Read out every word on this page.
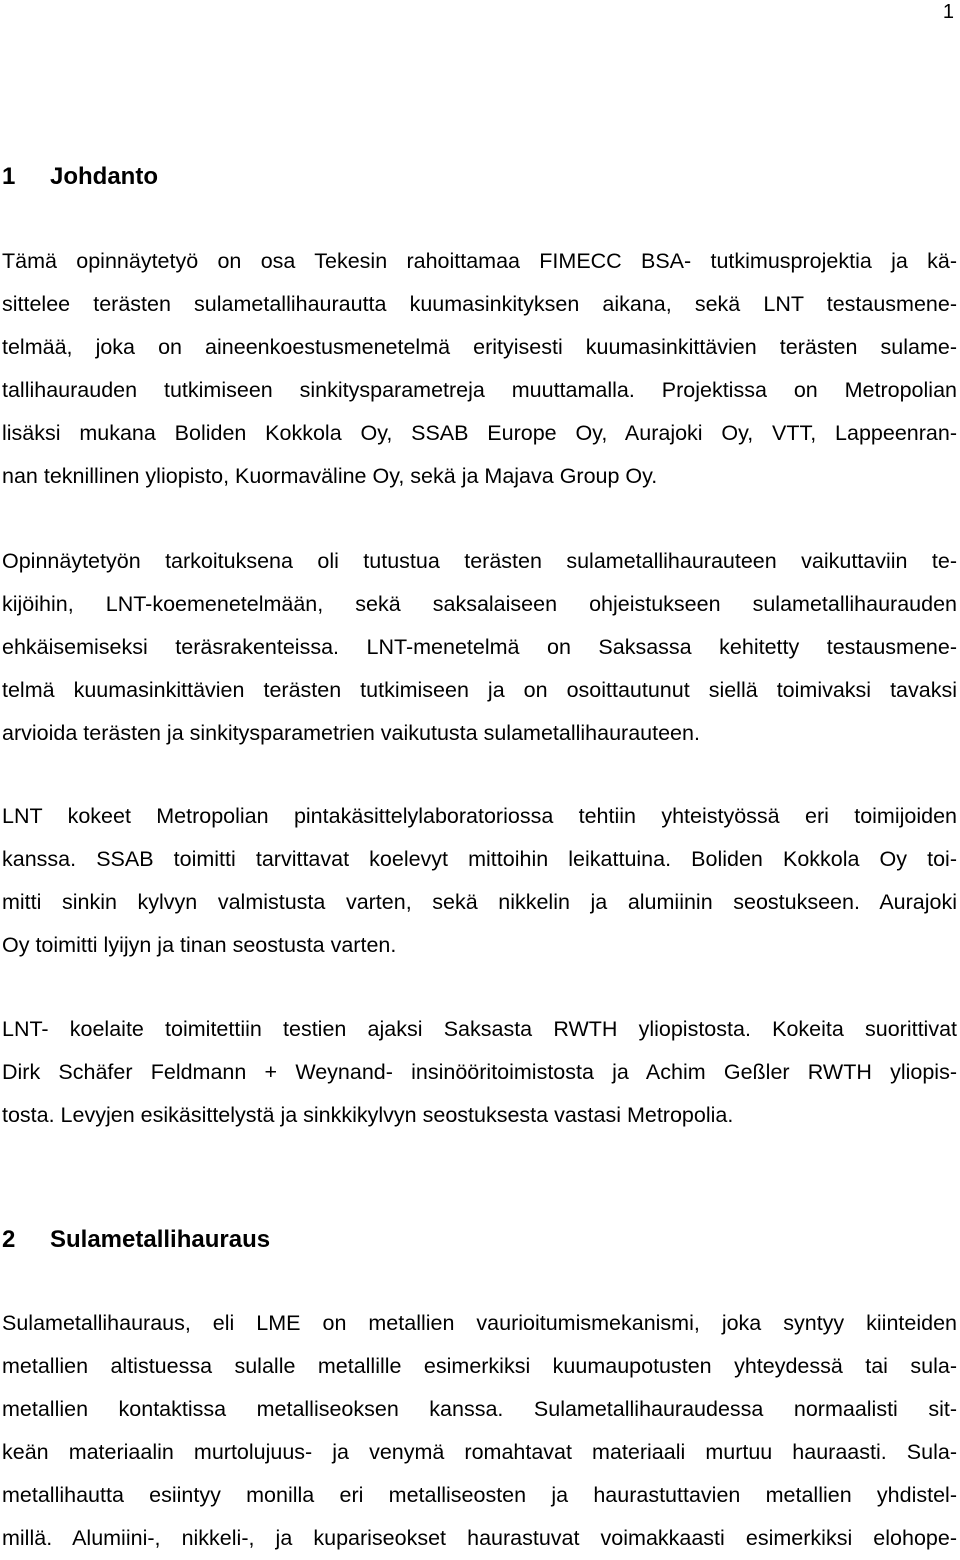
1
1 Johdanto

Tämä opinnäytetyö on osa Tekesin rahoittamaa FIMECC BSA- tutkimusprojektia ja kä-
sittelee terästen sulametallihaurautta kuumasinkityksen aikana, sekä LNT testausmene-
telmää, joka on aineenkoestusmenetelmä erityisesti kuumasinkittävien terästen sulame-
tallihaurauden tutkimiseen sinkitysparametreja muuttamalla. Projektissa on Metropolian
lisäksi mukana Boliden Kokkola Oy, SSAB Europe Oy, Aurajoki Oy, VTT, Lappeenran-
nan teknillinen yliopisto, Kuormaväline Oy, sekä ja Majava Group Oy.

Opinnäytetyön tarkoituksena oli tutustua terästen sulametallihaurauteen vaikuttaviin te-
kijöihin, LNT-koemenetelmään, sekä saksalaiseen ohjeistukseen sulametallihaurauden
ehkäisemiseksi teräsrakenteissa. LNT-menetelmä on Saksassa kehitetty testausmene-
telmä kuumasinkittävien terästen tutkimiseen ja on osoittautunut siellä toimivaksi tavaksi
arvioida terästen ja sinkitysparametrien vaikutusta sulametallihaurauteen.

LNT kokeet Metropolian pintakäsittelylaboratoriossa tehtiin yhteistyössä eri toimijoiden
kanssa. SSAB toimitti tarvittavat koelevyt mittoihin leikattuina. Boliden Kokkola Oy toi-
mitti sinkin kylvyn valmistusta varten, sekä nikkelin ja alumiinin seostukseen. Aurajoki
Oy toimitti lyijyn ja tinan seostusta varten.

LNT- koelaite toimitettiin testien ajaksi Saksasta RWTH yliopistosta. Kokeita suorittivat
Dirk Schäfer Feldmann + Weynand- insinööritoimistosta ja Achim Geßler RWTH yliopis-
tosta. Levyjen esikäsittelystä ja sinkkikylvyn seostuksesta vastasi Metropolia.

2 Sulametallihauraus

Sulametallihauraus, eli LME on metallien vaurioitumismekanismi, joka syntyy kiinteiden
metallien altistuessa sulalle metallille esimerkiksi kuumaupotusten yhteydessä tai sula-
metallien kontaktissa metalliseoksen kanssa. Sulametallihauraudessa normaalisti sit-
keän materiaalin murtolujuus- ja venymä romahtavat materiaali murtuu hauraasti. Sula-
metallihautta esiintyy monilla eri metalliseosten ja haurastuttavien metallien yhdistel-
millä. Alumiini-, nikkeli-, ja kupariseokset haurastuvat voimakkaasti esimerkiksi elohope-
